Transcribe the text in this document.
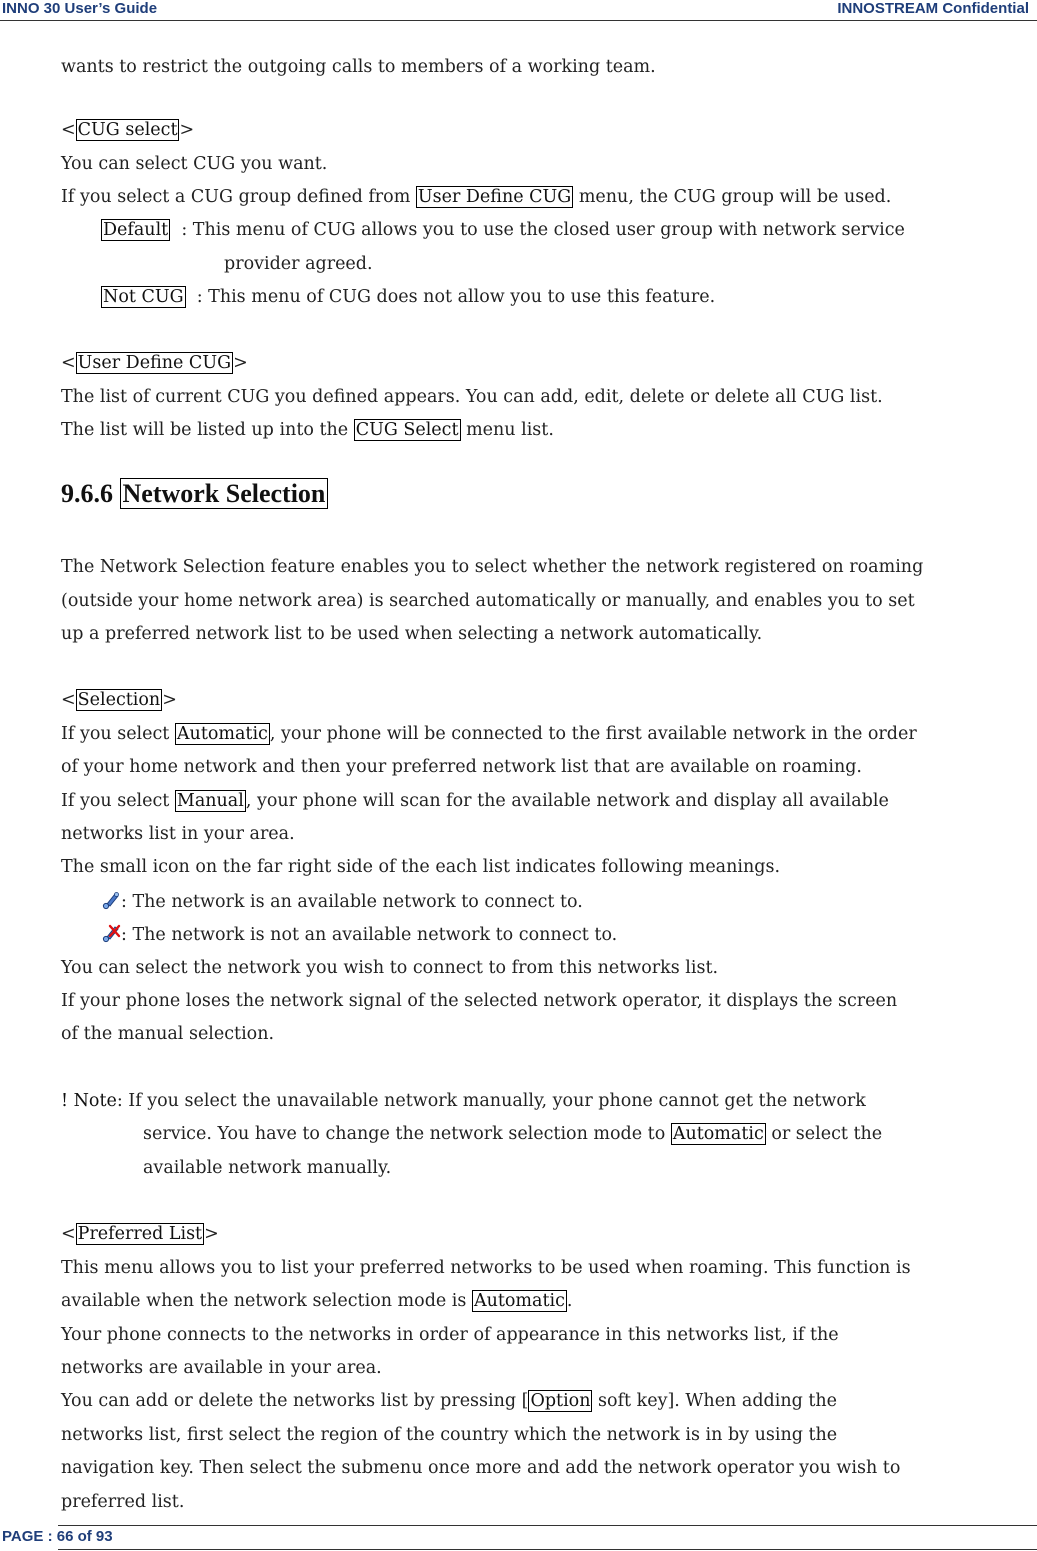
INNO 30 User’s Guide	INNOSTREAM Confidential
wants to restrict the outgoing calls to members of a working team.
< CUG select >
You can select CUG you want.
If you select a CUG group defined from User Define CUG menu, the CUG group will be used.
Default  : This menu of CUG allows you to use the closed user group with network service
provider agreed.
Not CUG  : This menu of CUG does not allow you to use this feature.
< User Define CUG >
The list of current CUG you defined appears. You can add, edit, delete or delete all CUG list.
The list will be listed up into the CUG Select menu list.
9.6.6 Network Selection
The Network Selection feature enables you to select whether the network registered on roaming
(outside your home network area) is searched automatically or manually, and enables you to set
up a preferred network list to be used when selecting a network automatically.
< Selection >
If you select Automatic , your phone will be connected to the first available network in the order
of your home network and then your preferred network list that are available on roaming.
If you select Manual , your phone will scan for the available network and display all available
networks list in your area.
The small icon on the far right side of the each list indicates following meanings.
: The network is an available network to connect to.
: The network is not an available network to connect to.
You can select the network you wish to connect to from this networks list.
If your phone loses the network signal of the selected network operator, it displays the screen
of the manual selection.
! Note: If you select the unavailable network manually, your phone cannot get the network
service. You have to change the network selection mode to Automatic or select the
available network manually.
< Preferred List >
This menu allows you to list your preferred networks to be used when roaming. This function is
available when the network selection mode is Automatic .
Your phone connects to the networks in order of appearance in this networks list, if the
networks are available in your area.
You can add or delete the networks list by pressing [ Option soft key]. When adding the
networks list, first select the region of the country which the network is in by using the
navigation key. Then select the submenu once more and add the network operator you wish to
preferred list.
PAGE : 66 of 93
